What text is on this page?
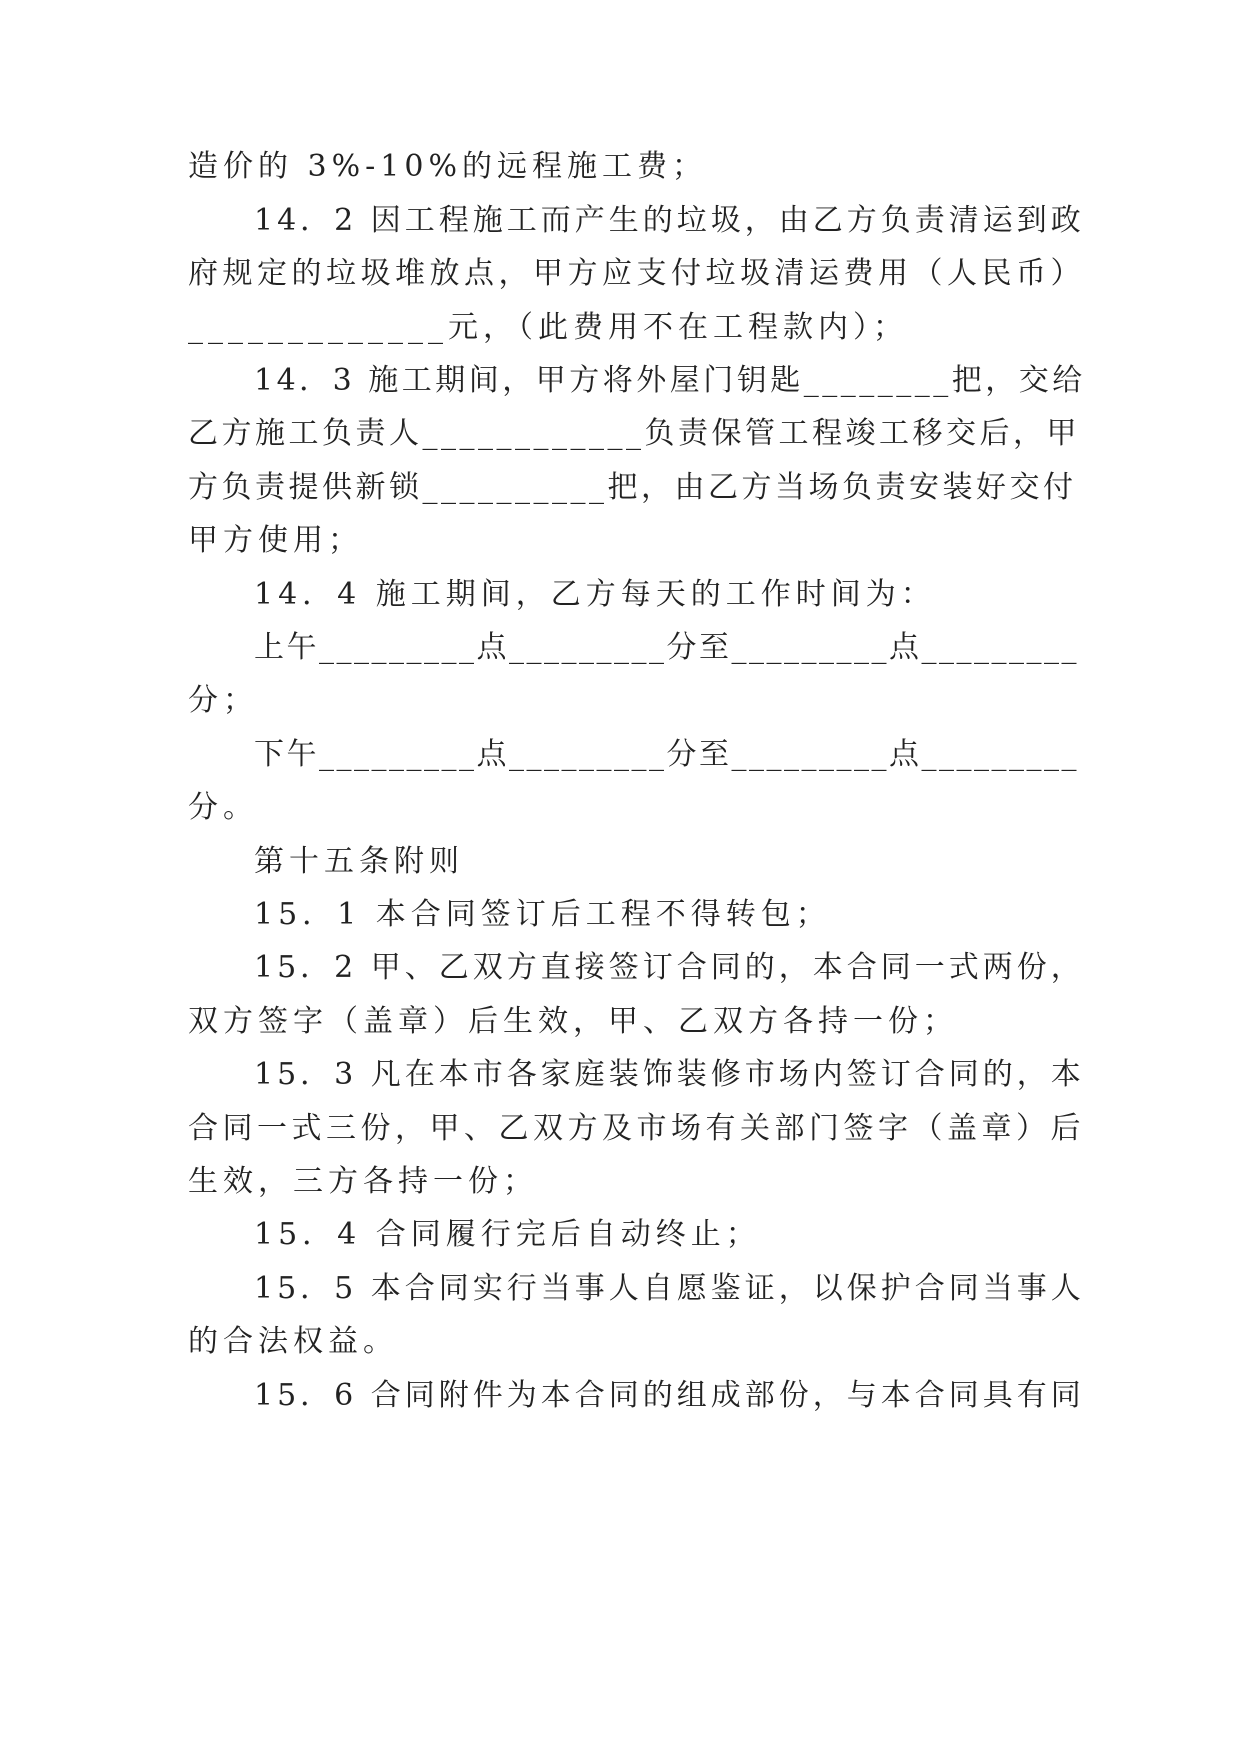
造价的 3%-10%的远程施工费；
14．2 因工程施工而产生的垃圾，由乙方负责清运到政
府规定的垃圾堆放点，甲方应支付垃圾清运费用（人民币）
_____________元，（此费用不在工程款内）；
14．3 施工期间，甲方将外屋门钥匙________把，交给
乙方施工负责人____________负责保管工程竣工移交后，甲
方负责提供新锁__________把，由乙方当场负责安装好交付
甲方使用；
14．4 施工期间，乙方每天的工作时间为：
上午_________点_________分至_________点_________
分；
下午_________点_________分至_________点_________
分。
第十五条附则
15．1 本合同签订后工程不得转包；
15．2 甲、乙双方直接签订合同的，本合同一式两份，
双方签字（盖章）后生效，甲、乙双方各持一份；
15．3 凡在本市各家庭装饰装修市场内签订合同的，本
合同一式三份，甲、乙双方及市场有关部门签字（盖章）后
生效，三方各持一份；
15．4 合同履行完后自动终止；
15．5 本合同实行当事人自愿鉴证，以保护合同当事人
的合法权益。
15．6 合同附件为本合同的组成部份，与本合同具有同
